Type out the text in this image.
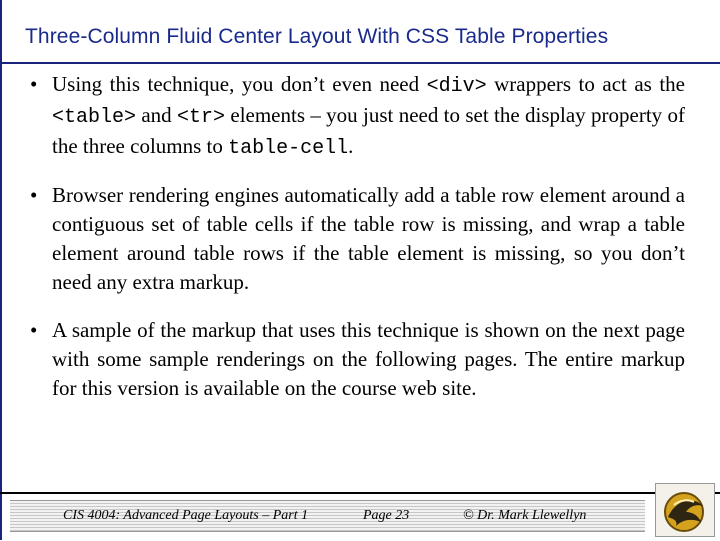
Three-Column Fluid Center Layout With CSS Table Properties
• Using this technique, you don’t even need <div> wrappers to act as the <table> and <tr> elements – you just need to set the display property of the three columns to table-cell.
• Browser rendering engines automatically add a table row element around a contiguous set of table cells if the table row is missing, and wrap a table element around table rows if the table element is missing, so you don’t need any extra markup.
• A sample of the markup that uses this technique is shown on the next page with some sample renderings on the following pages. The entire markup for this version is available on the course web site.
CIS 4004: Advanced Page Layouts – Part 1	Page 23	© Dr. Mark Llewellyn
